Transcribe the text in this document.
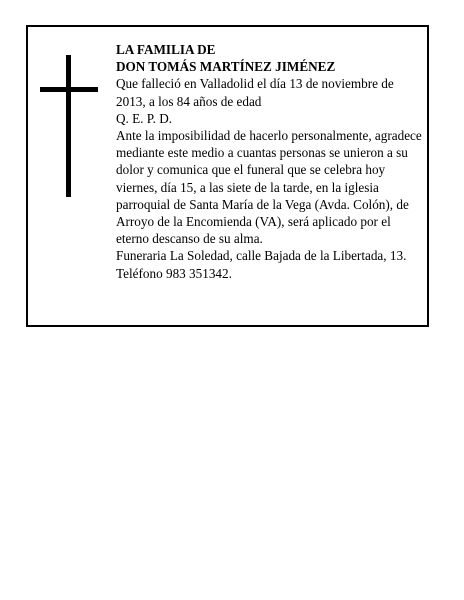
LA FAMILIA DE

DON TOMÁS MARTÍNEZ JIMÉNEZ

Que falleció en Valladolid el día 13 de noviembre de 2013, a los 84 años de edad

Q. E. P. D.

Ante la imposibilidad de hacerlo personalmente, agradece mediante este medio a cuantas personas se unieron a su dolor y comunica que el funeral que se celebra hoy viernes, día 15, a las siete de la tarde, en la iglesia parroquial de Santa María de la Vega (Avda. Colón), de Arroyo de la Encomienda (VA), será aplicado por el eterno descanso de su alma.

Funeraria La Soledad, calle Bajada de la Libertada, 13. Teléfono 983 351342.
